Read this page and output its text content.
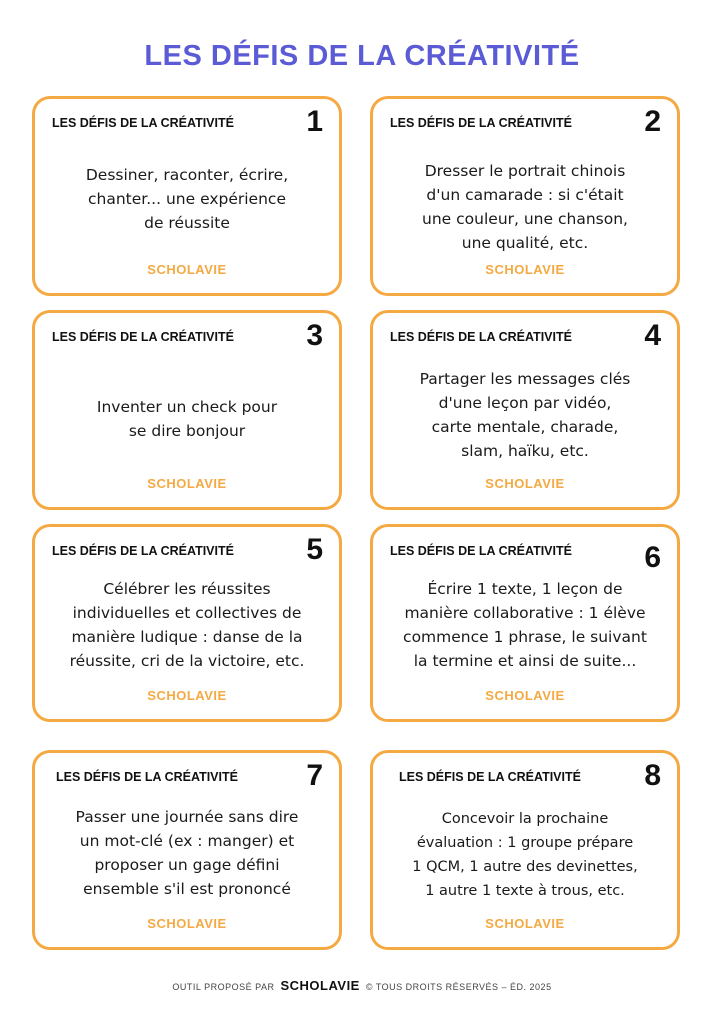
LES DÉFIS DE LA CRÉATIVITÉ
LES DÉFIS DE LA CRÉATIVITÉ 1
Dessiner, raconter, écrire,
chanter... une expérience
de réussite
SCHOLAVIE
LES DÉFIS DE LA CRÉATIVITÉ 2
Dresser le portrait chinois
d'un camarade : si c'était
une couleur, une chanson,
une qualité, etc.
SCHOLAVIE
LES DÉFIS DE LA CRÉATIVITÉ 3
Inventer un check pour
se dire bonjour
SCHOLAVIE
LES DÉFIS DE LA CRÉATIVITÉ 4
Partager les messages clés
d'une leçon par vidéo,
carte mentale, charade,
slam, haïku, etc.
SCHOLAVIE
LES DÉFIS DE LA CRÉATIVITÉ 5
Célébrer les réussites
individuelles et collectives de
manière ludique : danse de la
réussite, cri de la victoire, etc.
SCHOLAVIE
LES DÉFIS DE LA CRÉATIVITÉ 6
Écrire 1 texte, 1 leçon de
manière collaborative : 1 élève
commence 1 phrase, le suivant
la termine et ainsi de suite...
SCHOLAVIE
LES DÉFIS DE LA CRÉATIVITÉ 7
Passer une journée sans dire
un mot-clé (ex : manger) et
proposer un gage défini
ensemble s'il est prononcé
SCHOLAVIE
LES DÉFIS DE LA CRÉATIVITÉ 8
Concevoir la prochaine
évaluation : 1 groupe prépare
1 QCM, 1 autre des devinettes,
1 autre 1 texte à trous, etc.
SCHOLAVIE
OUTIL PROPOSÉ PAR SCHOLAVIE © TOUS DROITS RÉSERVÉS – ÉD. 2025
